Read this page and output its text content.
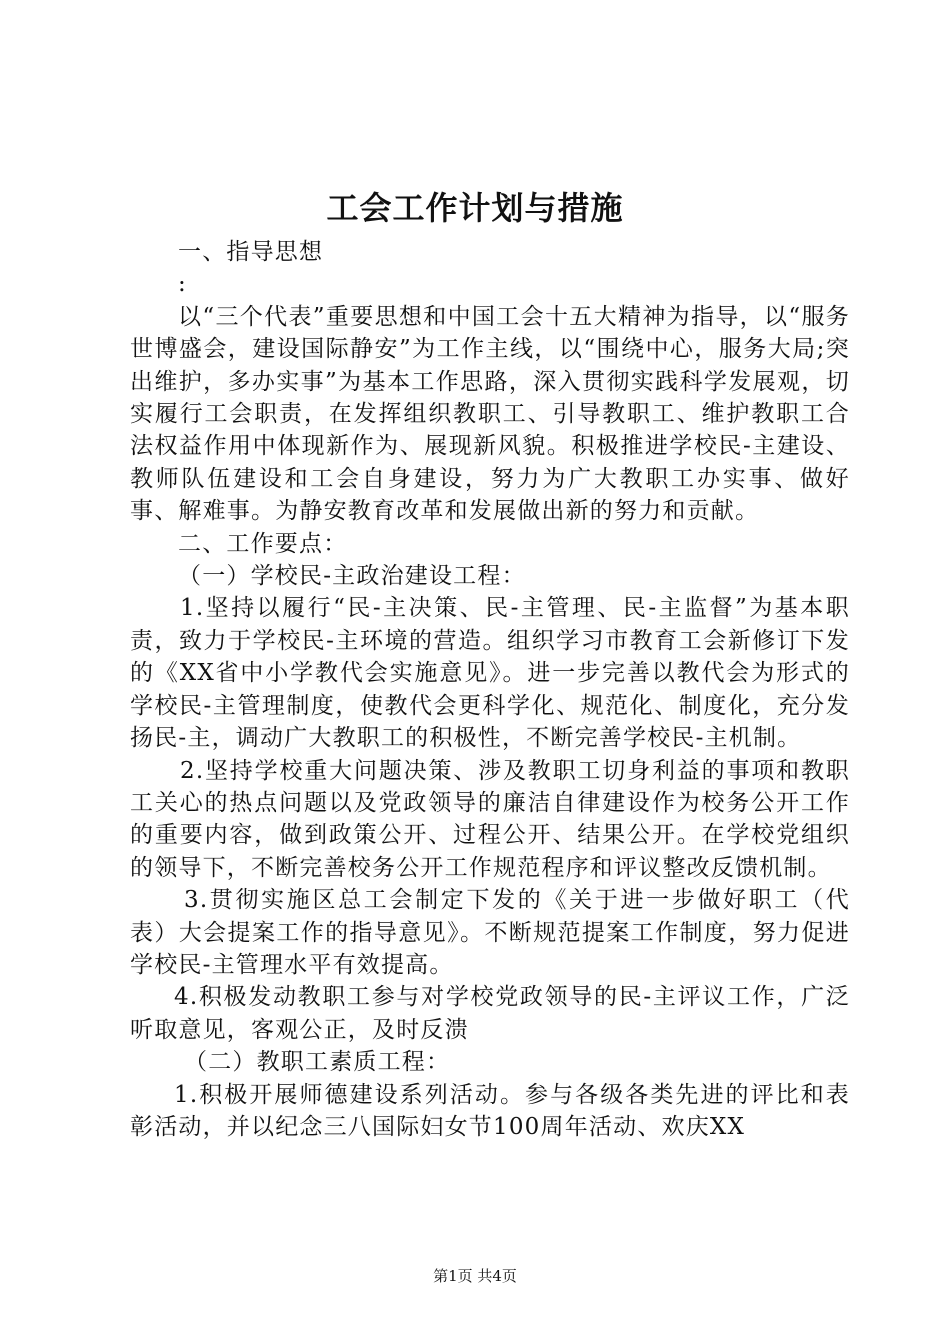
工会工作计划与措施

一、指导思想

:

以“三个代表”重要思想和中国工会十五大精神为指导，以“服务世博盛会，建设国际静安”为工作主线，以“围绕中心，服务大局;突出维护，多办实事”为基本工作思路，深入贯彻实践科学发展观，切实履行工会职责，在发挥组织教职工、引导教职工、维护教职工合法权益作用中体现新作为、展现新风貌。积极推进学校民-主建设、教师队伍建设和工会自身建设，努力为广大教职工办实事、做好事、解难事。为静安教育改革和发展做出新的努力和贡献。

二、工作要点：

（一）学校民-主政治建设工程：

1.坚持以履行“民-主决策、民-主管理、民-主监督”为基本职责，致力于学校民-主环境的营造。组织学习市教育工会新修订下发的《XX省中小学教代会实施意见》。进一步完善以教代会为形式的学校民-主管理制度，使教代会更科学化、规范化、制度化，充分发扬民-主，调动广大教职工的积极性，不断完善学校民-主机制。

2.坚持学校重大问题决策、涉及教职工切身利益的事项和教职工关心的热点问题以及党政领导的廉洁自律建设作为校务公开工作的重要内容，做到政策公开、过程公开、结果公开。在学校党组织的领导下，不断完善校务公开工作规范程序和评议整改反馈机制。

3.贯彻实施区总工会制定下发的《关于进一步做好职工（代表）大会提案工作的指导意见》。不断规范提案工作制度，努力促进学校民-主管理水平有效提高。

4.积极发动教职工参与对学校党政领导的民-主评议工作，广泛听取意见，客观公正，及时反溃

（二）教职工素质工程：

1.积极开展师德建设系列活动。参与各级各类先进的评比和表彰活动，并以纪念三八国际妇女节100周年活动、欢庆XX

第1页 共4页
